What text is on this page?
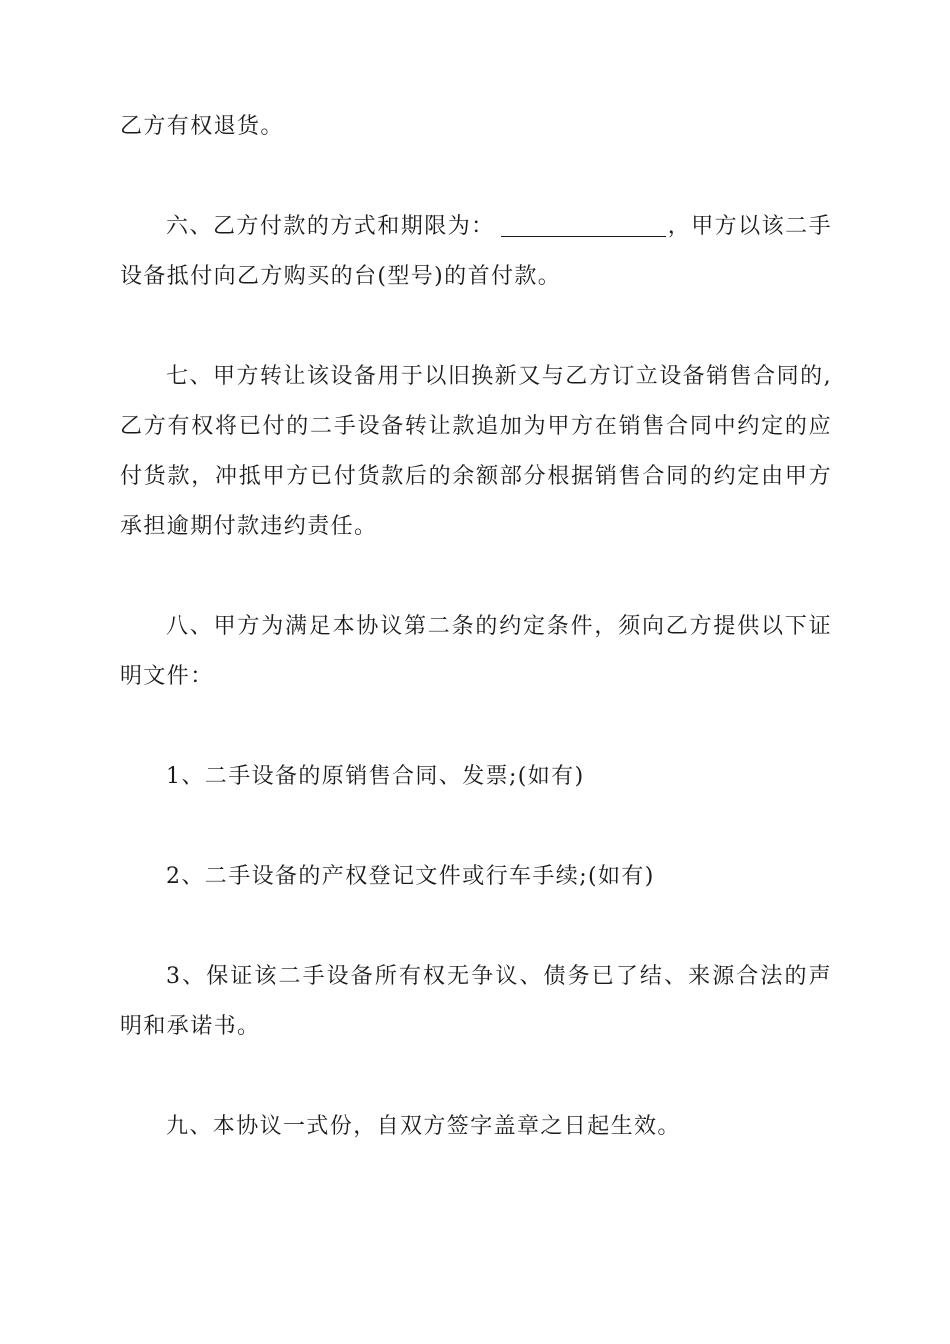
乙方有权退货。

六、乙方付款的方式和期限为：	，甲方以该二手设备抵付向乙方购买的台(型号)的首付款。

七、甲方转让该设备用于以旧换新又与乙方订立设备销售合同的,乙方有权将已付的二手设备转让款追加为甲方在销售合同中约定的应付货款，冲抵甲方已付货款后的余额部分根据销售合同的约定由甲方承担逾期付款违约责任。

八、甲方为满足本协议第二条的约定条件，须向乙方提供以下证明文件：

1、二手设备的原销售合同、发票;(如有)

2、二手设备的产权登记文件或行车手续;(如有)

3、保证该二手设备所有权无争议、债务已了结、来源合法的声明和承诺书。

九、本协议一式份，自双方签字盖章之日起生效。
